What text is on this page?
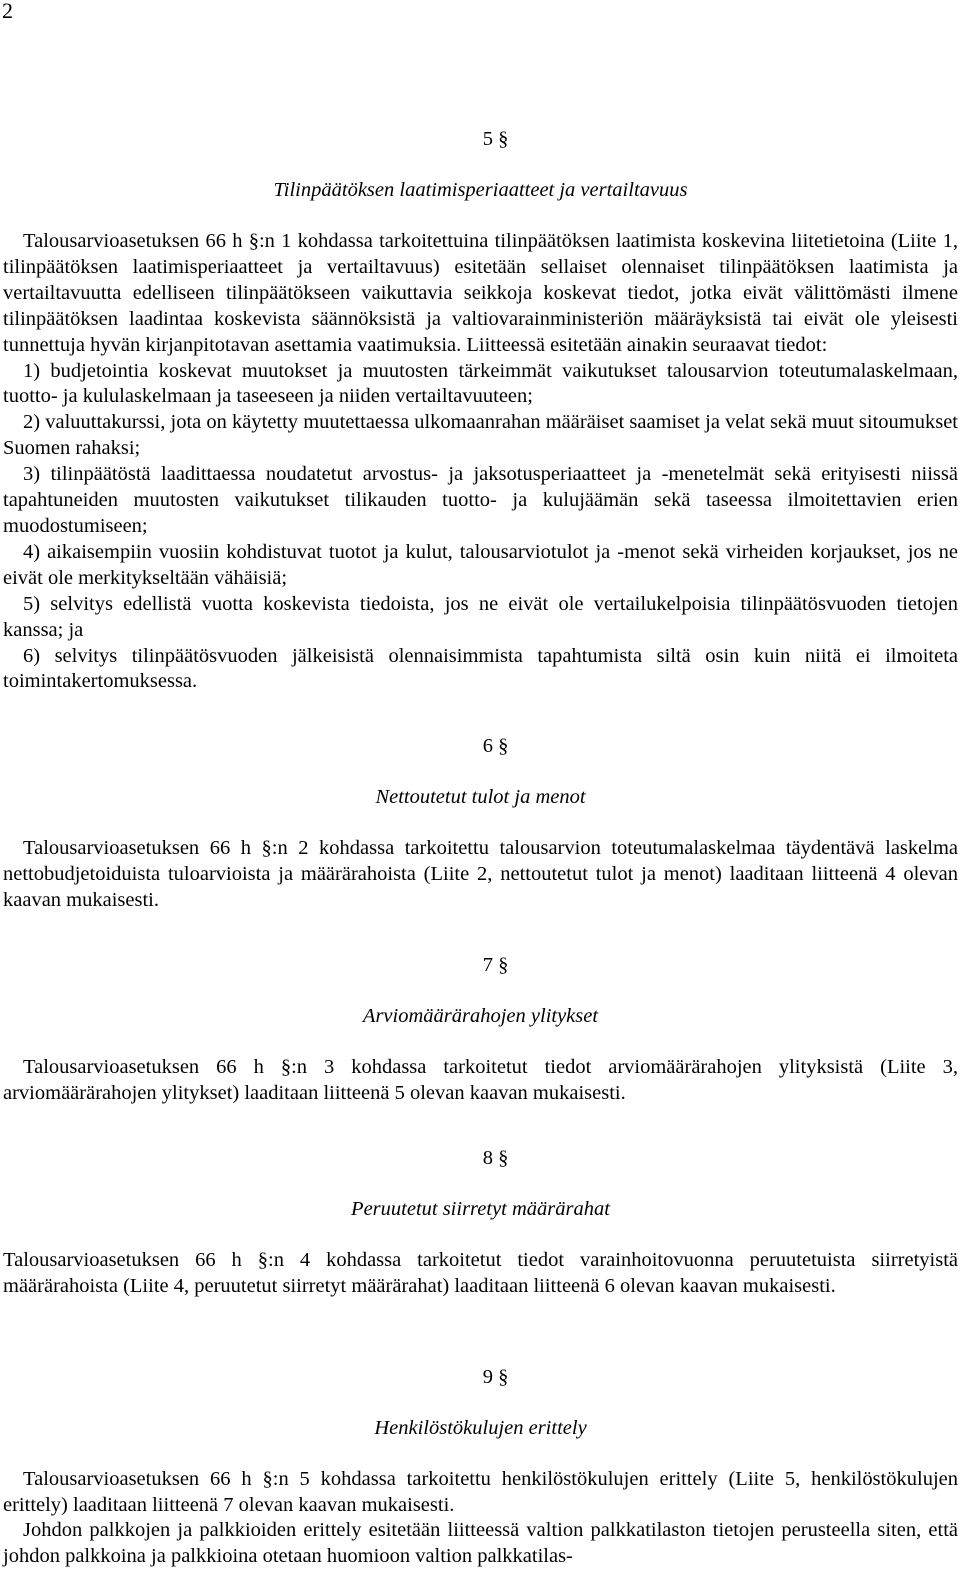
2

5 §

Tilinpäätöksen laatimisperiaatteet ja vertailtavuus

Talousarvioasetuksen 66 h §:n 1 kohdassa tarkoitettuina tilinpäätöksen laatimista koskevina liitetietoina (Liite 1, tilinpäätöksen laatimisperiaatteet ja vertailtavuus) esitetään sellaiset olennaiset tilinpäätöksen laatimista ja vertailtavuutta edelliseen tilinpäätökseen vaikuttavia seikkoja koskevat tiedot, jotka eivät välittömästi ilmene tilinpäätöksen laadintaa koskevista säännöksistä ja valtiovarainministeriön määräyksistä tai eivät ole yleisesti tunnettuja hyvän kirjanpitotavan asettamia vaatimuksia. Liitteessä esitetään ainakin seuraavat tiedot:

1) budjetointia koskevat muutokset ja muutosten tärkeimmät vaikutukset talousarvion toteutumalaskelmaan, tuotto- ja kululaskelmaan ja taseeseen ja niiden vertailtavuuteen;

2) valuuttakurssi, jota on käytetty muutettaessa ulkomaanrahan määräiset saamiset ja velat sekä muut sitoumukset Suomen rahaksi;

3) tilinpäätöstä laadittaessa noudatetut arvostus- ja jaksotusperiaatteet ja -menetelmät sekä erityisesti niissä tapahtuneiden muutosten vaikutukset tilikauden tuotto- ja kulujäämän sekä taseessa ilmoitettavien erien muodostumiseen;

4) aikaisempiin vuosiin kohdistuvat tuotot ja kulut, talousarviotulot ja -menot sekä virheiden korjaukset, jos ne eivät ole merkitykseltään vähäisiä;

5) selvitys edellistä vuotta koskevista tiedoista, jos ne eivät ole vertailukelpoisia tilinpäätösvuoden tietojen kanssa; ja

6) selvitys tilinpäätösvuoden jälkeisistä olennaisimmista tapahtumista siltä osin kuin niitä ei ilmoiteta toimintakertomuksessa.

6 §

Nettoutetut tulot ja menot

Talousarvioasetuksen 66 h §:n 2 kohdassa tarkoitettu talousarvion toteutumalaskelmaa täydentävä laskelma nettobudjetoiduista tuloarvioista ja määrärahoista (Liite 2, nettoutetut tulot ja menot) laaditaan liitteenä 4 olevan kaavan mukaisesti.

7 §

Arviomäärärahojen ylitykset

Talousarvioasetuksen 66 h §:n 3 kohdassa tarkoitetut tiedot arviomäärärahojen ylityksistä (Liite 3, arviomäärärahojen ylitykset) laaditaan liitteenä 5 olevan kaavan mukaisesti.

8 §

Peruutetut siirretyt määrärahat

Talousarvioasetuksen 66 h §:n 4 kohdassa tarkoitetut tiedot varainhoitovuonna peruutetuista siirretyistä määrärahoista (Liite 4, peruutetut siirretyt määrärahat) laaditaan liitteenä 6 olevan kaavan mukaisesti.

9 §

Henkilöstökulujen erittely

Talousarvioasetuksen 66 h §:n 5 kohdassa tarkoitettu henkilöstökulujen erittely (Liite 5, henkilöstökulujen erittely) laaditaan liitteenä 7 olevan kaavan mukaisesti.

Johdon palkkojen ja palkkioiden erittely esitetään liitteessä valtion palkkatilaston tietojen perusteella siten, että johdon palkkoina ja palkkioina otetaan huomioon valtion palkkatilas-
